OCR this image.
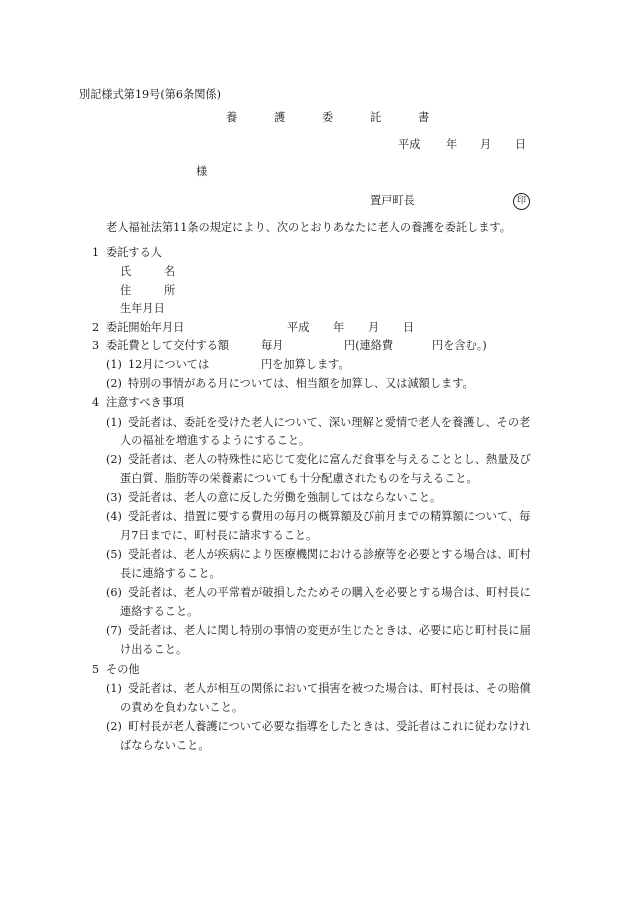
別記様式第19号(第6条関係)
養	護	委	託	書
平成 年 月 日
様
置戸町長	印
老人福祉法第11条の規定により、次のとおりあなたに老人の養護を委託します。
1 委託する人
氏	名
住	所
生年月日
2 委託開始年月日	平成 年 月 日
3 委託費として交付する額	毎月	円(連絡費	円を含む。)
(1) 12月については	円を加算します。
(2) 特別の事情がある月については、相当額を加算し、又は減額します。
4 注意すべき事項
(1) 受託者は、委託を受けた老人について、深い理解と愛情で老人を養護し、その老
人の福祉を増進するようにすること。
(2) 受託者は、老人の特殊性に応じて変化に富んだ食事を与えることとし、熱量及び
蛋白質、脂肪等の栄養素についても十分配慮されたものを与えること。
(3) 受託者は、老人の意に反した労働を強制してはならないこと。
(4) 受託者は、措置に要する費用の毎月の概算額及び前月までの精算額について、毎
月7日までに、町村長に請求すること。
(5) 受託者は、老人が疾病により医療機関における診療等を必要とする場合は、町村
長に連絡すること。
(6) 受託者は、老人の平常着が破損したためその購入を必要とする場合は、町村長に
連絡すること。
(7) 受託者は、老人に関し特別の事情の変更が生じたときは、必要に応じ町村長に届
け出ること。
5 その他
(1) 受託者は、老人が相互の関係において損害を被つた場合は、町村長は、その賠償
の責めを負わないこと。
(2) 町村長が老人養護について必要な指導をしたときは、受託者はこれに従わなけれ
ばならないこと。
